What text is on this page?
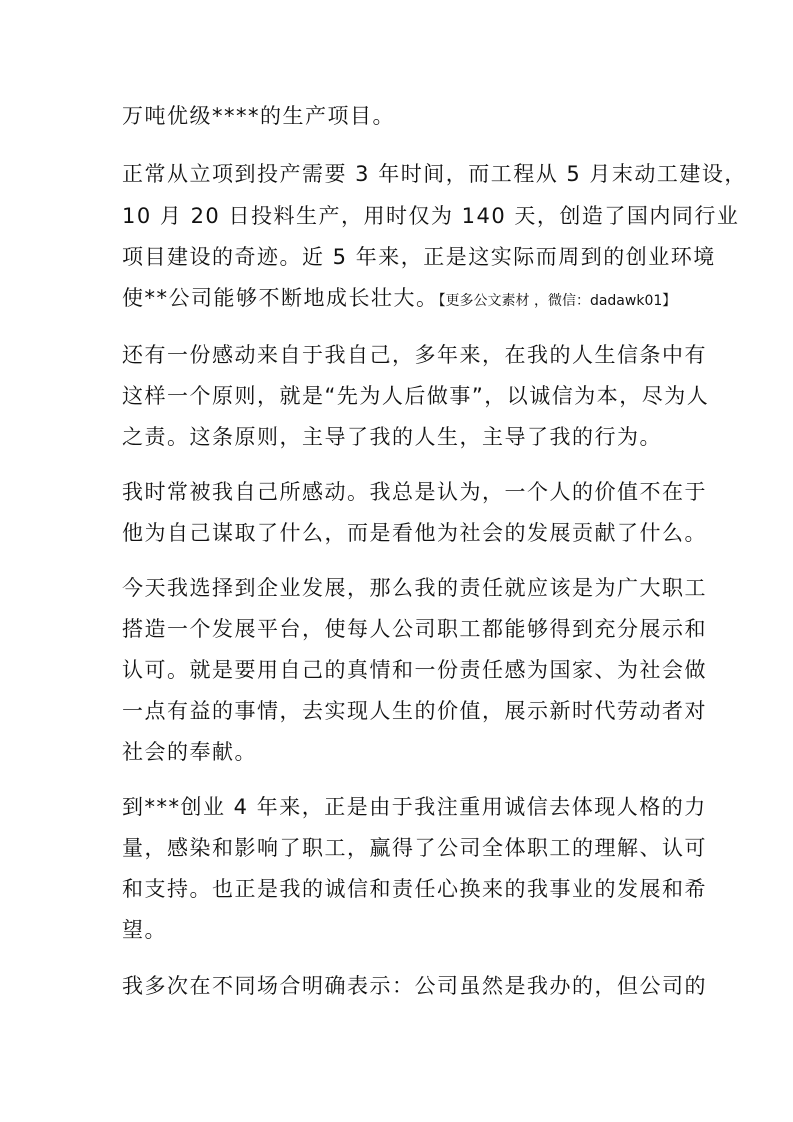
万吨优级****的生产项目。
正常从立项到投产需要 3 年时间，而工程从 5 月末动工建设，
10 月 20 日投料生产，用时仅为 140 天，创造了国内同行业
项目建设的奇迹。近 5 年来，正是这实际而周到的创业环境
使**公司能够不断地成长壮大。【更多公文素材 ，微信：dadawk01】
还有一份感动来自于我自己，多年来，在我的人生信条中有
这样一个原则，就是“先为人后做事”，以诚信为本，尽为人
之责。这条原则，主导了我的人生，主导了我的行为。
我时常被我自己所感动。我总是认为，一个人的价值不在于
他为自己谋取了什么，而是看他为社会的发展贡献了什么。
今天我选择到企业发展，那么我的责任就应该是为广大职工
搭造一个发展平台，使每人公司职工都能够得到充分展示和
认可。就是要用自己的真情和一份责任感为国家、为社会做
一点有益的事情，去实现人生的价值，展示新时代劳动者对
社会的奉献。
到***创业 4 年来，正是由于我注重用诚信去体现人格的力
量，感染和影响了职工，赢得了公司全体职工的理解、认可
和支持。也正是我的诚信和责任心换来的我事业的发展和希
望。
我多次在不同场合明确表示：公司虽然是我办的，但公司的
